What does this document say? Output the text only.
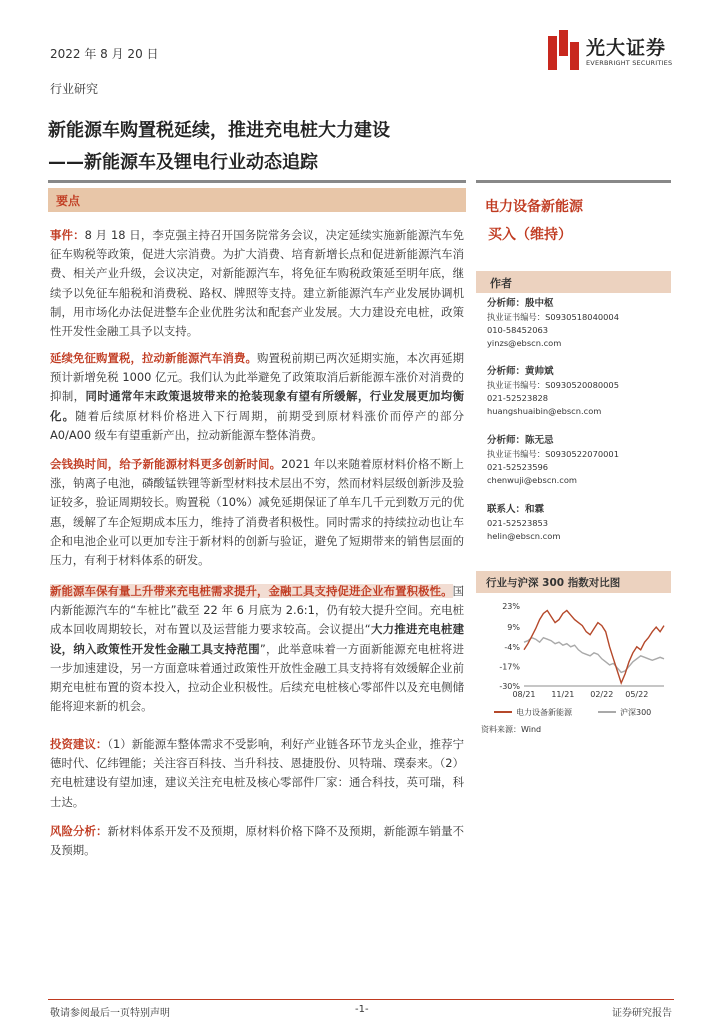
2022 年 8 月 20 日	光大证券
EVERBRIGHT SECURITIES
行业研究
新能源车购置税延续，推进充电桩大力建设
——新能源车及锂电行业动态追踪
要点
事件：8 月 18 日，李克强主持召开国务院常务会议，决定延续实施新能源汽车免征车购税等政策，促进大宗消费。为扩大消费、培育新增长点和促进新能源汽车消费、相关产业升级，会议决定，对新能源汽车，将免征车购税政策延至明年底，继续予以免征车船税和消费税、路权、牌照等支持。建立新能源汽车产业发展协调机制，用市场化办法促进整车企业优胜劣汰和配套产业发展。大力建设充电桩，政策性开发性金融工具予以支持。
延续免征购置税，拉动新能源汽车消费。购置税前期已两次延期实施，本次再延期预计新增免税 1000 亿元。我们认为此举避免了政策取消后新能源车涨价对消费的抑制，同时通常年末政策退坡带来的抢装现象有望有所缓解，行业发展更加均衡化。随着后续原材料价格进入下行周期，前期受到原材料涨价而停产的部分 A0/A00 级车有望重新产出，拉动新能源车整体消费。
会钱换时间，给予新能源材料更多创新时间。2021 年以来随着原材料价格不断上涨，钠离子电池，磷酸锰铁锂等新型材料技术层出不穷，然而材料层级创新涉及验证较多，验证周期较长。购置税（10%）减免延期保证了单车几千元到数万元的优惠，缓解了车企短期成本压力，维持了消费者积极性。同时需求的持续拉动也让车企和电池企业可以更加专注于新材料的创新与验证，避免了短期带来的销售层面的压力，有利于材料体系的研发。
新能源车保有量上升带来充电桩需求提升，金融工具支持促进企业布置积极性。国内新能源汽车的“车桩比”截至 22 年 6 月底为 2.6:1，仍有较大提升空间。充电桩成本回收周期较长，对布置以及运营能力要求较高。会议提出“大力推进充电桩建设，纳入政策性开发性金融工具支持范围”，此举意味着一方面新能源充电桩将进一步加速建设，另一方面意味着通过政策性开放性金融工具支持将有效缓解企业前期充电桩布置的资本投入，拉动企业积极性。后续充电桩核心零部件以及充电侧储能将迎来新的机会。
投资建议：（1）新能源车整体需求不受影响，利好产业链各环节龙头企业，推荐宁德时代、亿纬锂能；关注容百科技、当升科技、恩捷股份、贝特瑞、璞泰来。（2）充电桩建设有望加速，建议关注充电桩及核心零部件厂家：通合科技，英可瑞，科士达。
风险分析：新材料体系开发不及预期，原材料价格下降不及预期，新能源车销量不及预期。
电力设备新能源
买入（维持）
作者
分析师：殷中枢
执业证书编号：S0930518040004
010-58452063
yinzs@ebscn.com
分析师：黄帅斌
执业证书编号：S0930520080005
021-52523828
huangshuaibin@ebscn.com
分析师：陈无忌
执业证书编号：S0930522070001
021-52523596
chenwuji@ebscn.com
联系人：和霖
021-52523853
helin@ebscn.com
行业与沪深 300 指数对比图
23%
9%
-4%
-17%
-30%
08/21 11/21 02/22 05/22
电力设备新能源	沪深300
资料来源：Wind
敬请参阅最后一页特别声明	-1-	证券研究报告
